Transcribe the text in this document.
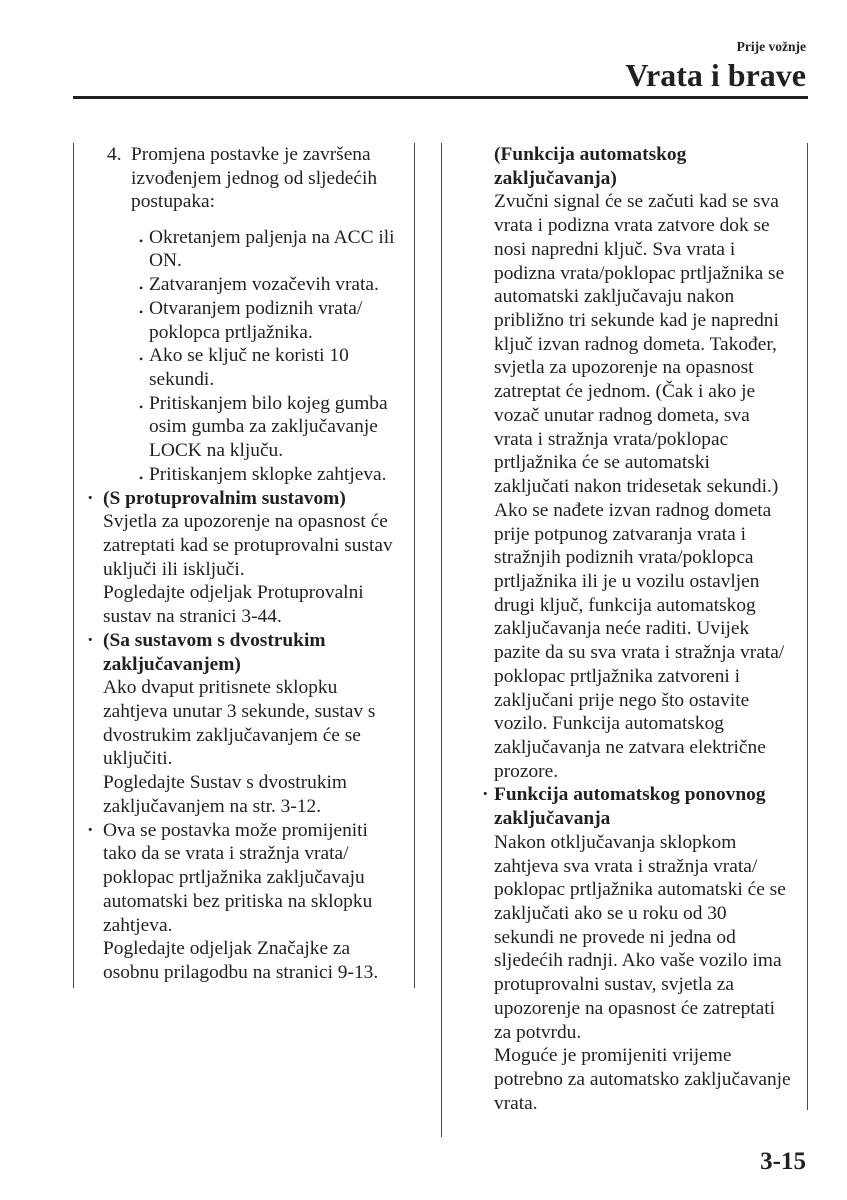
Prije vožnje
Vrata i brave
4. Promjena postavke je završena
izvođenjem jednog od sljedećih
postupaka:
• Okretanjem paljenja na ACC ili
ON.
• Zatvaranjem vozačevih vrata.
• Otvaranjem podiznih vrata/
poklopca prtljažnika.
• Ako se ključ ne koristi 10
sekundi.
• Pritiskanjem bilo kojeg gumba
osim gumba za zaključavanje
LOCK na ključu.
• Pritiskanjem sklopke zahtjeva.
· (S protuprovalnim sustavom)
Svjetla za upozorenje na opasnost će
zatreptati kad se protuprovalni sustav
uključi ili isključi.
Pogledajte odjeljak Protuprovalni
sustav na stranici 3-44.
· (Sa sustavom s dvostrukim
zaključavanjem)
Ako dvaput pritisnete sklopku
zahtjeva unutar 3 sekunde, sustav s
dvostrukim zaključavanjem će se
uključiti.
Pogledajte Sustav s dvostrukim
zaključavanjem na str. 3-12.
· Ova se postavka može promijeniti
tako da se vrata i stražnja vrata/
poklopac prtljažnika zaključavaju
automatski bez pritiska na sklopku
zahtjeva.
Pogledajte odjeljak Značajke za
osobnu prilagodbu na stranici 9-13.
(Funkcija automatskog
zaključavanja)
Zvučni signal će se začuti kad se sva
vrata i podizna vrata zatvore dok se
nosi napredni ključ. Sva vrata i
podizna vrata/poklopac prtljažnika se
automatski zaključavaju nakon
približno tri sekunde kad je napredni
ključ izvan radnog dometa. Također,
svjetla za upozorenje na opasnost
zatreptat će jednom. (Čak i ako je
vozač unutar radnog dometa, sva
vrata i stražnja vrata/poklopac
prtljažnika će se automatski
zaključati nakon tridesetak sekundi.)
Ako se nađete izvan radnog dometa
prije potpunog zatvaranja vrata i
stražnjih podiznih vrata/poklopca
prtljažnika ili je u vozilu ostavljen
drugi ključ, funkcija automatskog
zaključavanja neće raditi. Uvijek
pazite da su sva vrata i stražnja vrata/
poklopac prtljažnika zatvoreni i
zaključani prije nego što ostavite
vozilo. Funkcija automatskog
zaključavanja ne zatvara električne
prozore.
· Funkcija automatskog ponovnog
zaključavanja
Nakon otključavanja sklopkom
zahtjeva sva vrata i stražnja vrata/
poklopac prtljažnika automatski će se
zaključati ako se u roku od 30
sekundi ne provede ni jedna od
sljedećih radnji. Ako vaše vozilo ima
protuprovalni sustav, svjetla za
upozorenje na opasnost će zatreptati
za potvrdu.
Moguće je promijeniti vrijeme
potrebno za automatsko zaključavanje
vrata.
3-15
